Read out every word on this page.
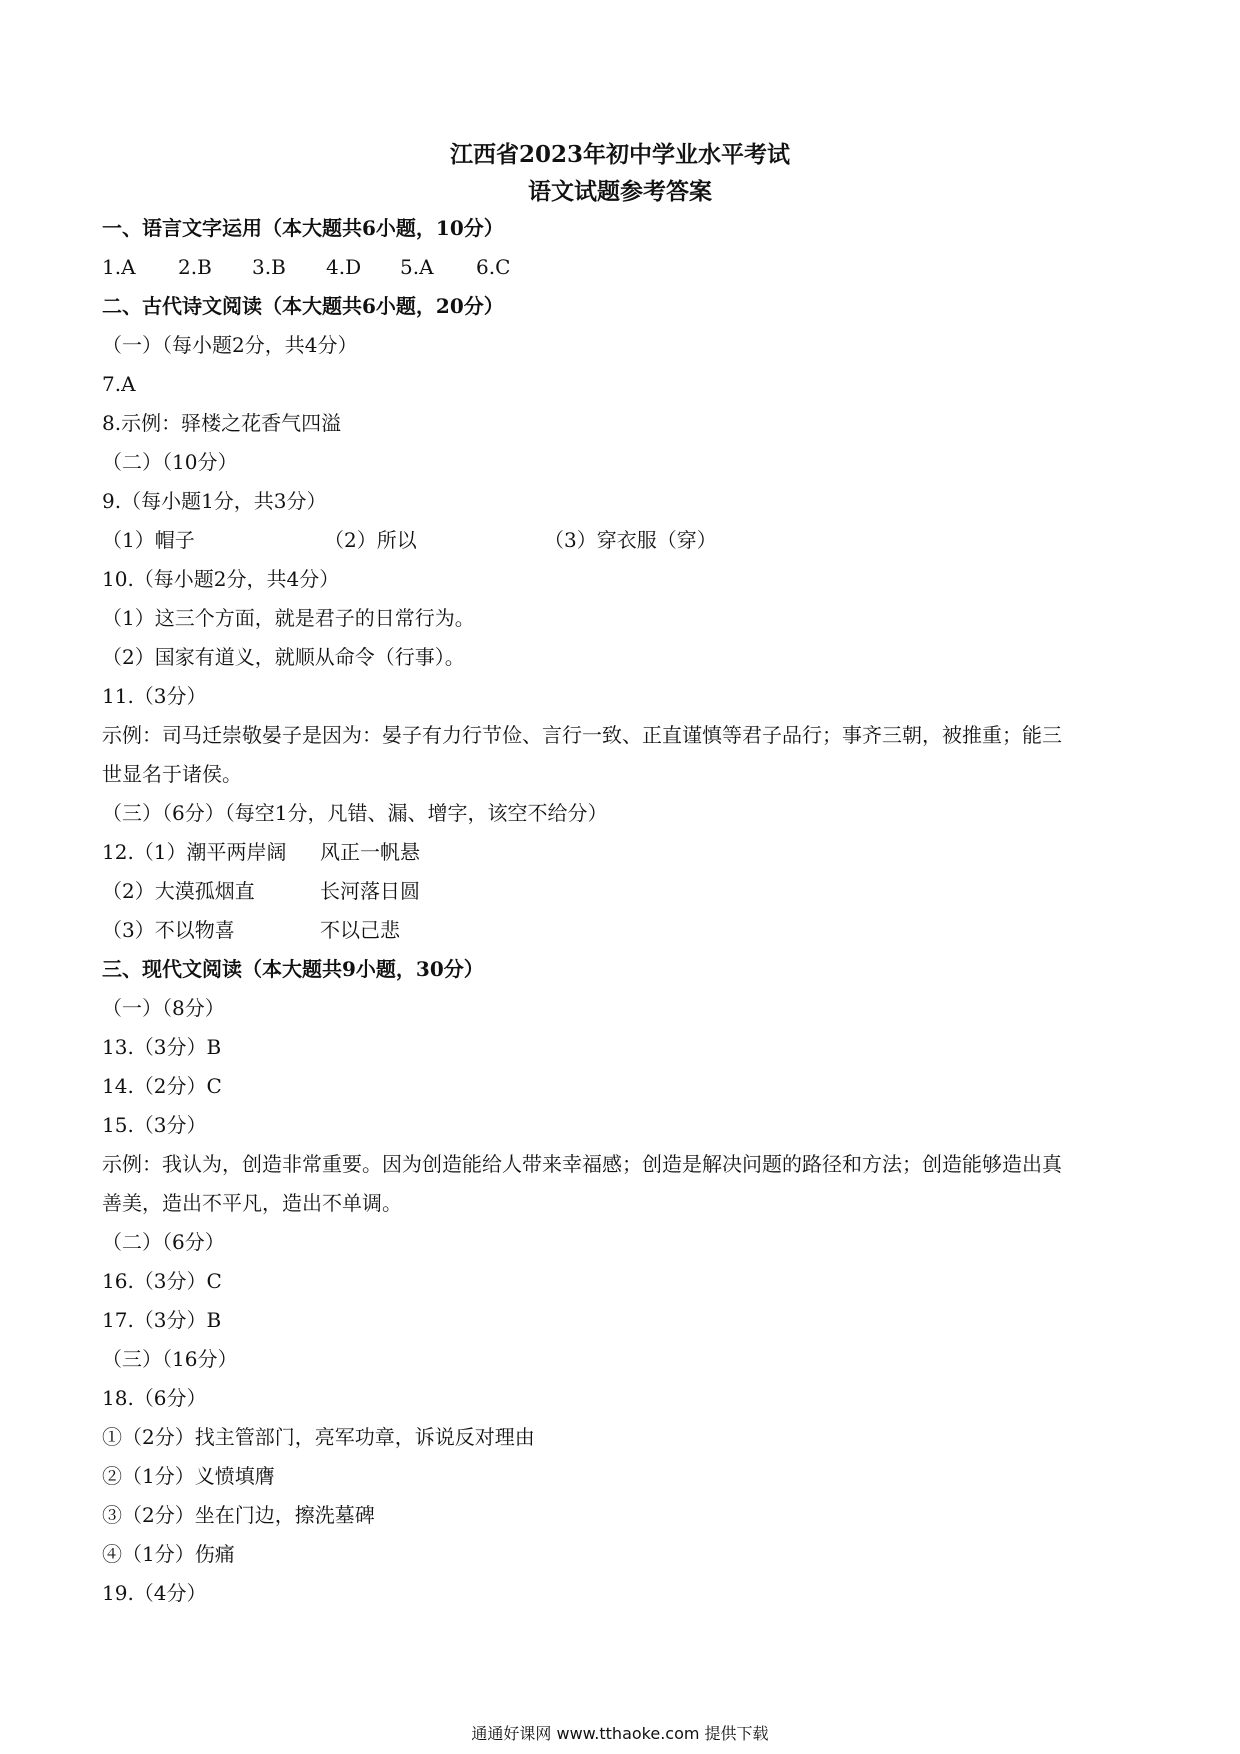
江西省2023年初中学业水平考试
语文试题参考答案
一、语言文字运用（本大题共6小题，10分）
1.A 2.B 3.B 4.D 5.A 6.C
二、古代诗文阅读（本大题共6小题，20分）
（一）（每小题2分，共4分）
7.A
8.示例：驿楼之花香气四溢
（二）（10分）
9.（每小题1分，共3分）
（1）帽子	（2）所以	（3）穿衣服（穿）
10.（每小题2分，共4分）
（1）这三个方面，就是君子的日常行为。
（2）国家有道义，就顺从命令（行事）。
11.（3分）
示例：司马迁崇敬晏子是因为：晏子有力行节俭、言行一致、正直谨慎等君子品行；事齐三朝，被推重；能三
世显名于诸侯。
（三）（6分）（每空1分，凡错、漏、增字，该空不给分）
12.（1）潮平两岸阔 风正一帆悬
（2）大漠孤烟直	长河落日圆
（3）不以物喜	不以己悲
三、现代文阅读（本大题共9小题，30分）
（一）（8分）
13.（3分）B
14.（2分）C
15.（3分）
示例：我认为，创造非常重要。因为创造能给人带来幸福感；创造是解决问题的路径和方法；创造能够造出真
善美，造出不平凡，造出不单调。
（二）（6分）
16.（3分）C
17.（3分）B
（三）（16分）
18.（6分）
①（2分）找主管部门，亮军功章，诉说反对理由
②（1分）义愤填膺
③（2分）坐在门边，擦洗墓碑
④（1分）伤痛
19.（4分）
通通好课网 www.tthaoke.com 提供下载
